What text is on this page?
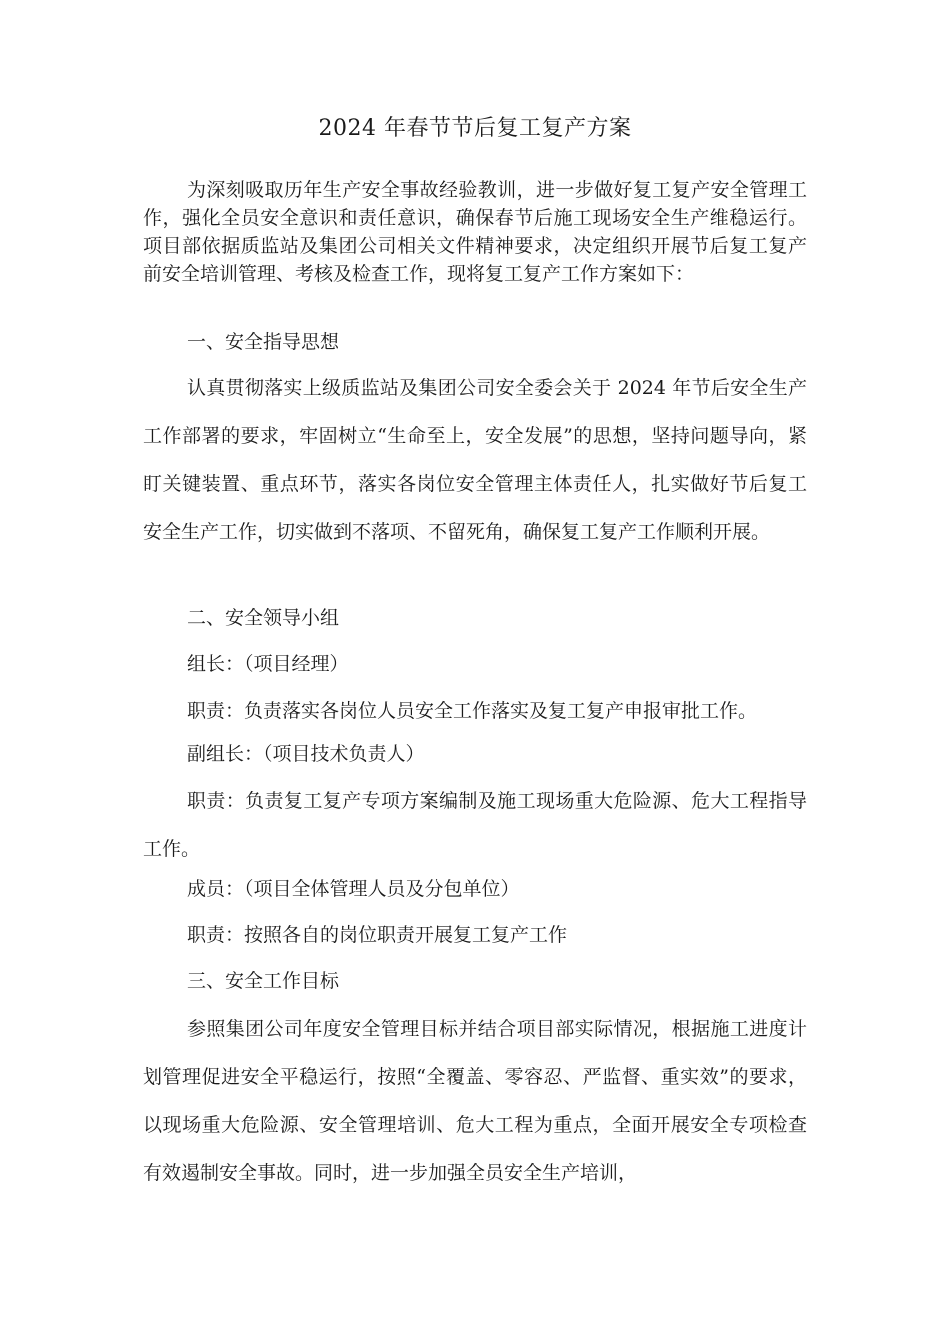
2024 年春节节后复工复产方案

为深刻吸取历年生产安全事故经验教训，进一步做好复工复产安全管理工作，强化全员安全意识和责任意识，确保春节后施工现场安全生产维稳运行。项目部依据质监站及集团公司相关文件精神要求，决定组织开展节后复工复产前安全培训管理、考核及检查工作，现将复工复产工作方案如下：

一、安全指导思想

认真贯彻落实上级质监站及集团公司安全委会关于 2024 年节后安全生产工作部署的要求，牢固树立“生命至上，安全发展”的思想，坚持问题导向，紧盯关键装置、重点环节，落实各岗位安全管理主体责任人，扎实做好节后复工安全生产工作，切实做到不落项、不留死角，确保复工复产工作顺利开展。

二、安全领导小组
组长：（项目经理）
职责：负责落实各岗位人员安全工作落实及复工复产申报审批工作。
副组长：（项目技术负责人）

职责：负责复工复产专项方案编制及施工现场重大危险源、危大工程指导工作。

成员：（项目全体管理人员及分包单位）
职责：按照各自的岗位职责开展复工复产工作
三、安全工作目标

参照集团公司年度安全管理目标并结合项目部实际情况，根据施工进度计划管理促进安全平稳运行，按照“全覆盖、零容忍、严监督、重实效”的要求，以现场重大危险源、安全管理培训、危大工程为重点，全面开展安全专项检查有效遏制安全事故。同时，进一步加强全员安全生产培训，
